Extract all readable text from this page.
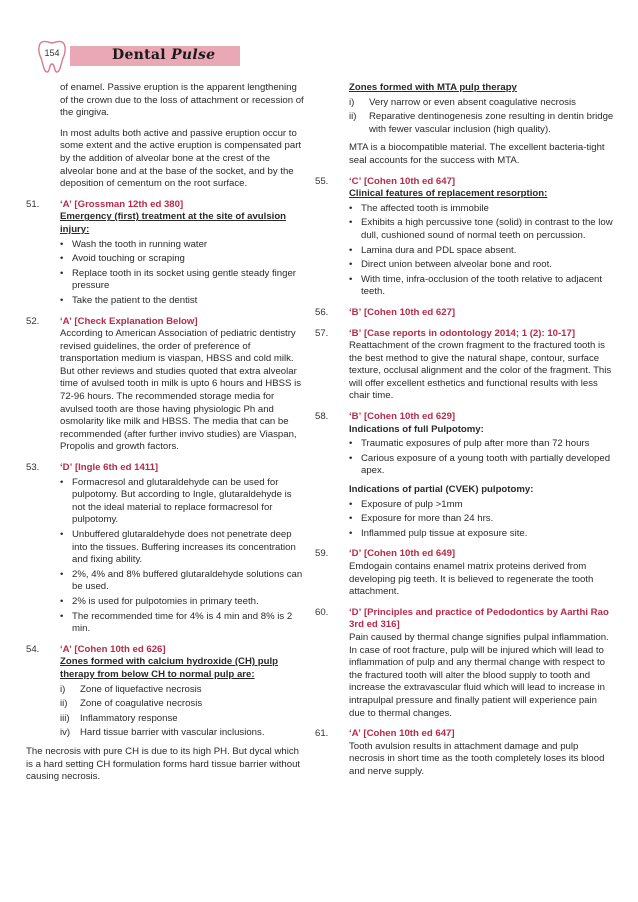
154	Dental Pulse

of enamel. Passive eruption is the apparent lengthening of the crown due to the loss of attachment or recession of the gingiva.

In most adults both active and passive eruption occur to some extent and the active eruption is compensated part by the addition of alveolar bone at the crest of the alveolar bone and at the base of the socket, and by the deposition of cementum on the root surface.

51.	‘A’ [Grossman 12th ed 380]
Emergency (first) treatment at the site of avulsion injury:
• Wash the tooth in running water
• Avoid touching or scraping
• Replace tooth in its socket using gentle steady finger pressure
• Take the patient to the dentist
52.	‘A’ [Check Explanation Below]
According to American Association of pediatric dentistry revised guidelines, the order of preference of transportation medium is viaspan, HBSS and cold milk. But other reviews and studies quoted that extra alveolar time of avulsed tooth in milk is upto 6 hours and HBSS is 72-96 hours. The recommended storage media for avulsed tooth are those having physiologic Ph and osmolarity like milk and HBSS. The media that can be recommended (after further invivo studies) are Viaspan, Propolis and growth factors.
53.	‘D’ [Ingle 6th ed 1411]
• Formacresol and glutaraldehyde can be used for pulpotomy. But according to Ingle, glutaraldehyde is not the ideal material to replace formacresol for pulpotomy.
• Unbuffered glutaraldehyde does not penetrate deep into the tissues. Buffering increases its concentration and fixing ability.
• 2%, 4% and 8% buffered glutaraldehyde solutions can be used.
• 2% is used for pulpotomies in primary teeth.
• The recommended time for 4% is 4 min and 8% is 2 min.
54.	‘A’ [Cohen 10th ed 626]
Zones formed with calcium hydroxide (CH) pulp therapy from below CH to normal pulp are:
i) Zone of liquefactive necrosis
ii) Zone of coagulative necrosis
iii) Inflammatory response
iv) Hard tissue barrier with vascular inclusions.
The necrosis with pure CH is due to its high PH. But dycal which is a hard setting CH formulation forms hard tissue barrier without causing necrosis.
Zones formed with MTA pulp therapy
i) Very narrow or even absent coagulative necrosis
ii) Reparative dentinogenesis zone resulting in dentin bridge with fewer vascular inclusion (high quality).

MTA is a biocompatible material. The excellent bacteria-tight seal accounts for the success with MTA.

55.	‘C’ [Cohen 10th ed 647]
Clinical features of replacement resorption:
• The affected tooth is immobile
• Exhibits a high percussive tone (solid) in contrast to the low dull, cushioned sound of normal teeth on percussion.
• Lamina dura and PDL space absent.
• Direct union between alveolar bone and root.
• With time, infra-occlusion of the tooth relative to adjacent teeth.
56.	‘B’ [Cohen 10th ed 627]
57.	‘B’ [Case reports in odontology 2014; 1 (2): 10-17]
Reattachment of the crown fragment to the fractured tooth is the best method to give the natural shape, contour, surface texture, occlusal alignment and the color of the fragment. This will offer excellent esthetics and functional results with less chair time.
58.	‘B’ [Cohen 10th ed 629]
Indications of full Pulpotomy:
• Traumatic exposures of pulp after more than 72 hours
• Carious exposure of a young tooth with partially developed apex.
Indications of partial (CVEK) pulpotomy:
• Exposure of pulp >1mm
• Exposure for more than 24 hrs.
• Inflammed pulp tissue at exposure site.
59.	‘D’ [Cohen 10th ed 649]
Emdogain contains enamel matrix proteins derived from developing pig teeth. It is believed to regenerate the tooth attachment.
60.	‘D’ [Principles and practice of Pedodontics by Aarthi Rao 3rd ed 316]
Pain caused by thermal change signifies pulpal inflammation. In case of root fracture, pulp will be injured which will lead to inflammation of pulp and any thermal change with respect to the fractured tooth will alter the blood supply to tooth and increase the extravascular fluid which will lead to increase in intrapulpal pressure and finally patient will experience pain due to thermal changes.
61.	‘A’ [Cohen 10th ed 647]
Tooth avulsion results in attachment damage and pulp necrosis in short time as the tooth completely loses its blood and nerve supply.
